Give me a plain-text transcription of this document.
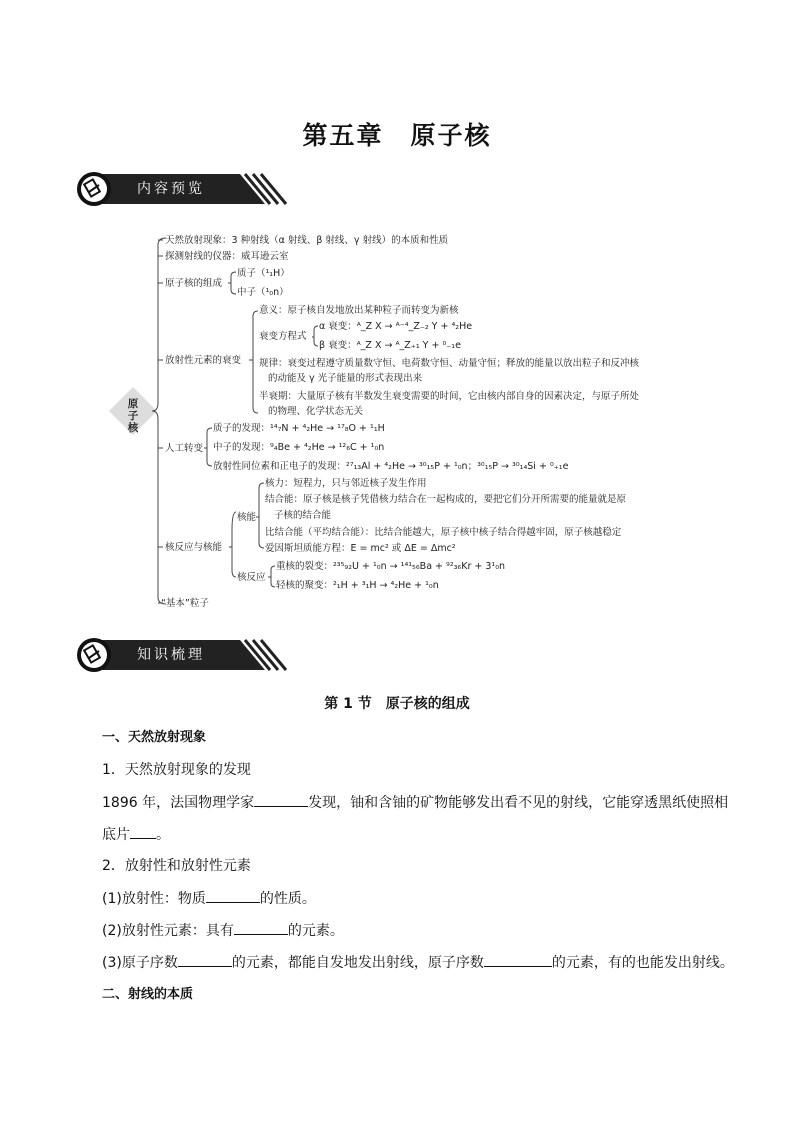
第五章　原子核
内容预览
原子核
天然放射现象：3 种射线（α 射线、β 射线、γ 射线）的本质和性质
探测射线的仪器：威耳逊云室
原子核的组成
质子（¹₁H）
中子（¹₀n）
放射性元素的衰变
意义：原子核自发地放出某种粒子而转变为新核
衰变方程式
α 衰变：ᴬ_Z X → ᴬ⁻⁴_Z₋₂ Y + ⁴₂He
β 衰变：ᴬ_Z X → ᴬ_Z₊₁ Y + ⁰₋₁e
规律：衰变过程遵守质量数守恒、电荷数守恒、动量守恒；释放的能量以放出粒子和反冲核
的动能及 γ 光子能量的形式表现出来
半衰期：大量原子核有半数发生衰变需要的时间，它由核内部自身的因素决定，与原子所处
的物理、化学状态无关
人工转变
质子的发现：¹⁴₇N + ⁴₂He → ¹⁷₈O + ¹₁H
中子的发现：⁹₄Be + ⁴₂He → ¹²₆C + ¹₀n
放射性同位素和正电子的发现：²⁷₁₃Al + ⁴₂He → ³⁰₁₅P + ¹₀n；³⁰₁₅P → ³⁰₁₄Si + ⁰₊₁e
核反应与核能
核能
核力：短程力，只与邻近核子发生作用
结合能：原子核是核子凭借核力结合在一起构成的，要把它们分开所需要的能量就是原
子核的结合能
比结合能（平均结合能）：比结合能越大，原子核中核子结合得越牢固，原子核越稳定
爱因斯坦质能方程：E = mc² 或 ΔE = Δmc²
核反应
重核的裂变：²³⁵₉₂U + ¹₀n → ¹⁴¹₅₆Ba + ⁹²₃₆Kr + 3¹₀n
轻核的聚变：²₁H + ³₁H → ⁴₂He + ¹₀n
“基本”粒子
知识梳理
第 1 节　原子核的组成
一、天然放射现象
1．天然放射现象的发现
1896 年，法国物理学家	发现，铀和含铀的矿物能够发出看不见的射线，它能穿透黑纸使照相
底片 。
2．放射性和放射性元素
(1)放射性：物质	的性质。
(2)放射性元素：具有	的元素。
(3)原子序数	的元素，都能自发地发出射线，原子序数	的元素，有的也能发出射线。
二、射线的本质
